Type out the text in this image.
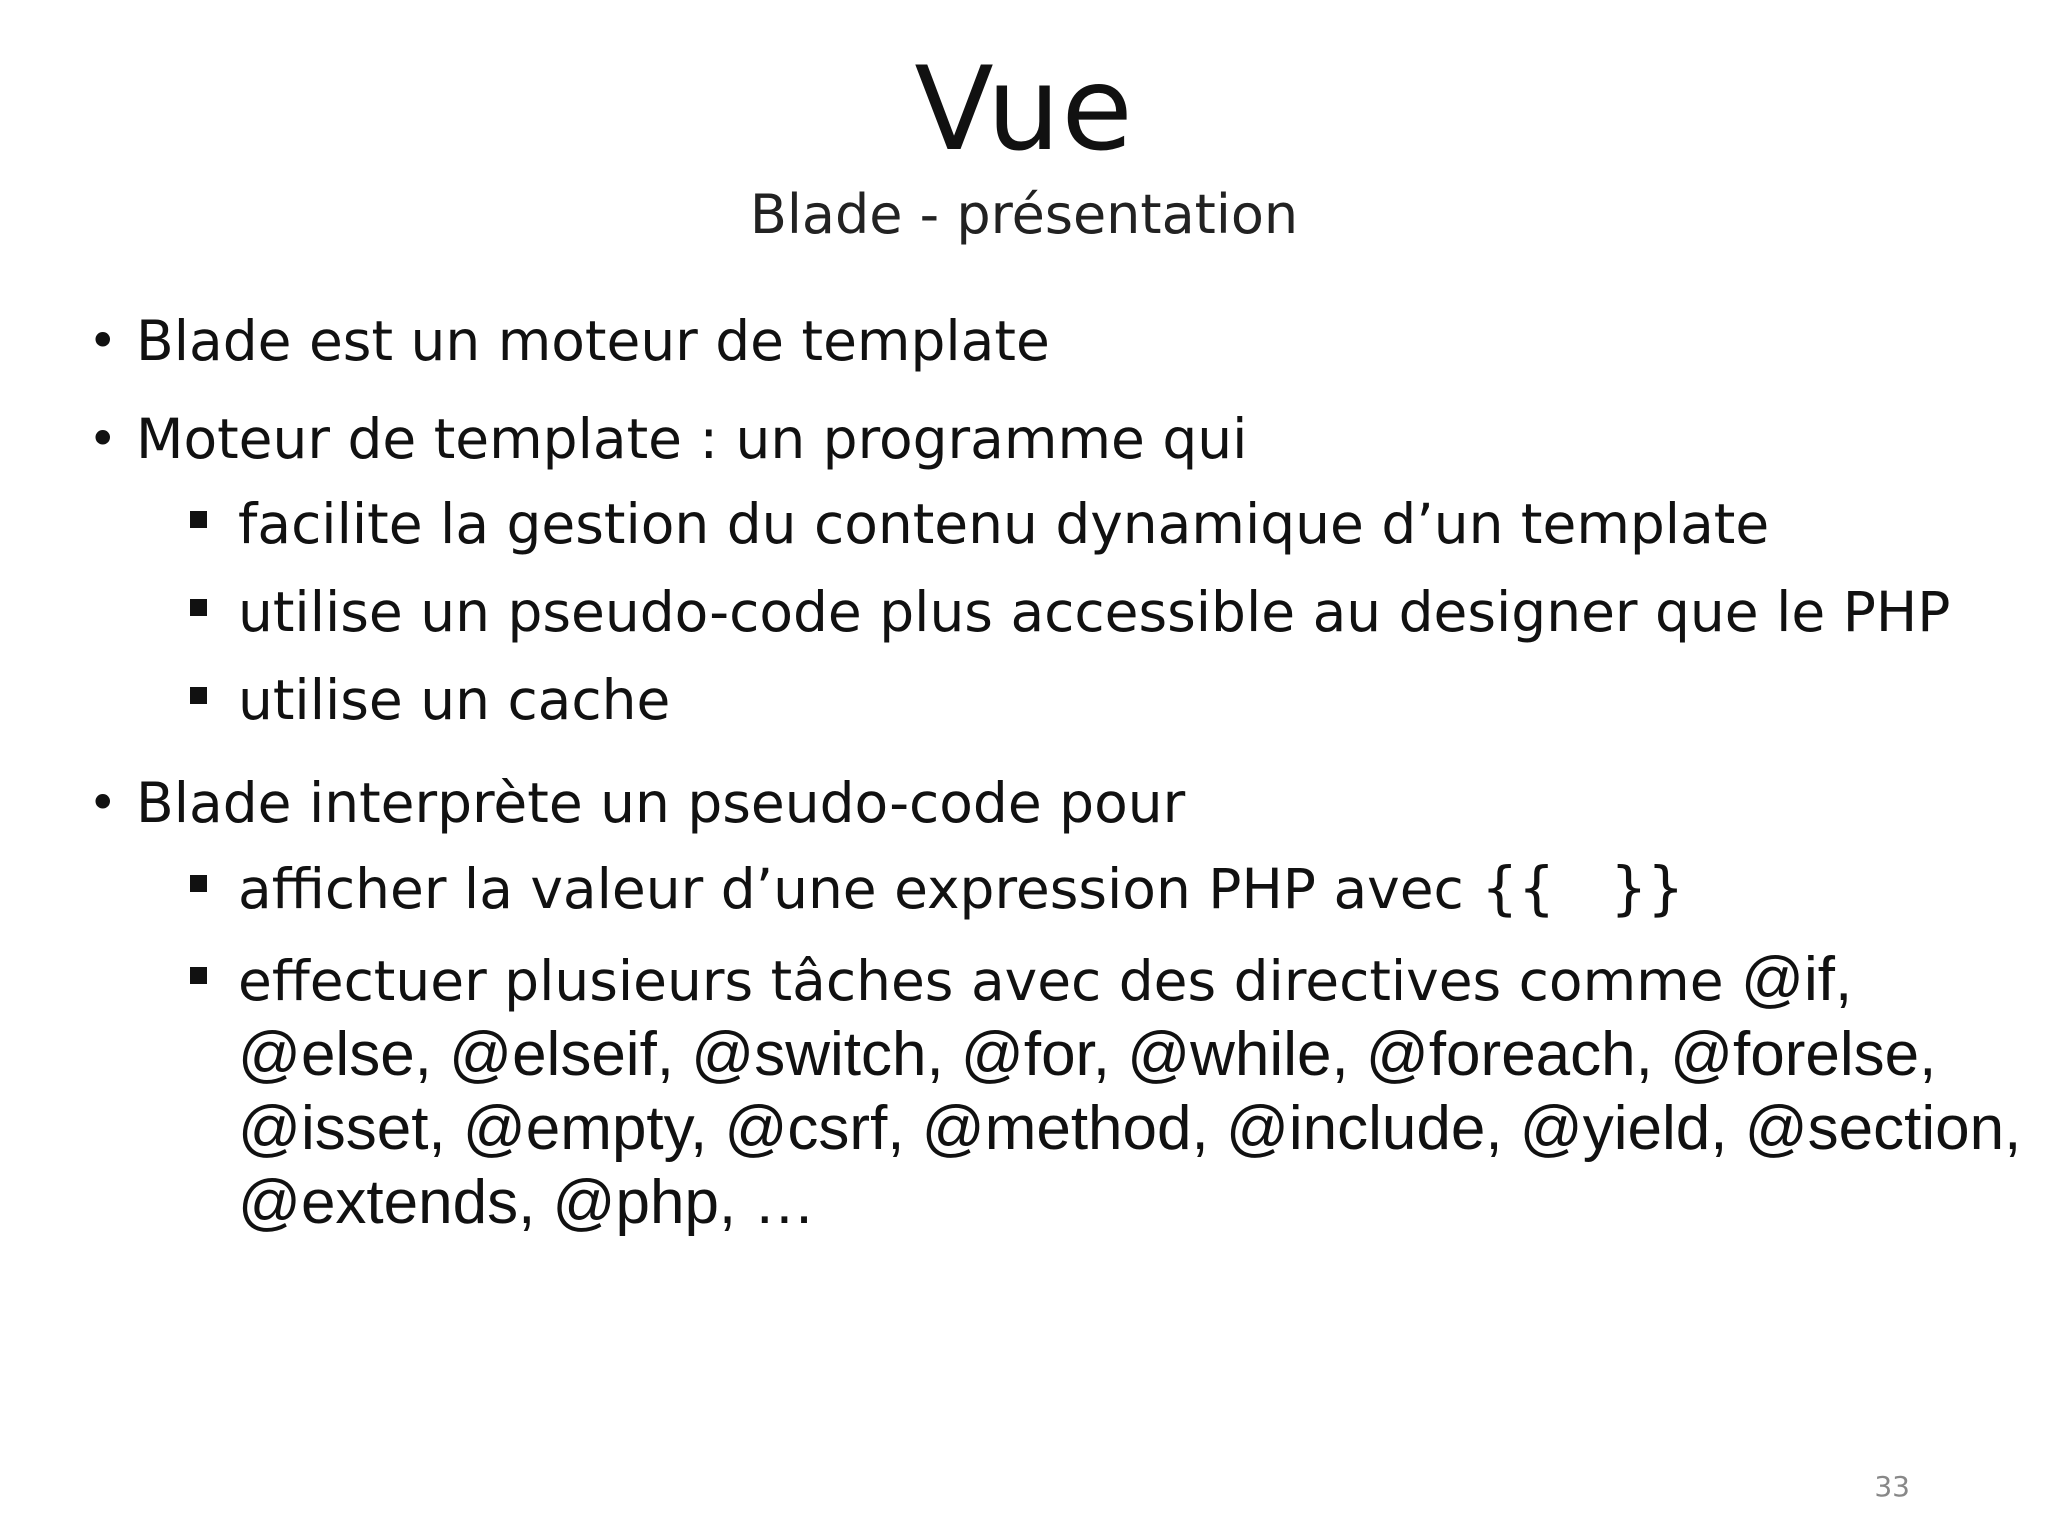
Vue
Blade - présentation
• Blade est un moteur de template
• Moteur de template : un programme qui
facilite la gestion du contenu dynamique d’un template
utilise un pseudo-code plus accessible au designer que le PHP
utilise un cache
• Blade interprète un pseudo-code pour
afficher la valeur d’une expression PHP avec {{   }}
effectuer plusieurs tâches avec des directives comme @if,
@else, @elseif, @switch, @for, @while, @foreach, @forelse, @isset, @empty, @csrf, @method, @include, @yield, @section, @extends, @php, …
33
